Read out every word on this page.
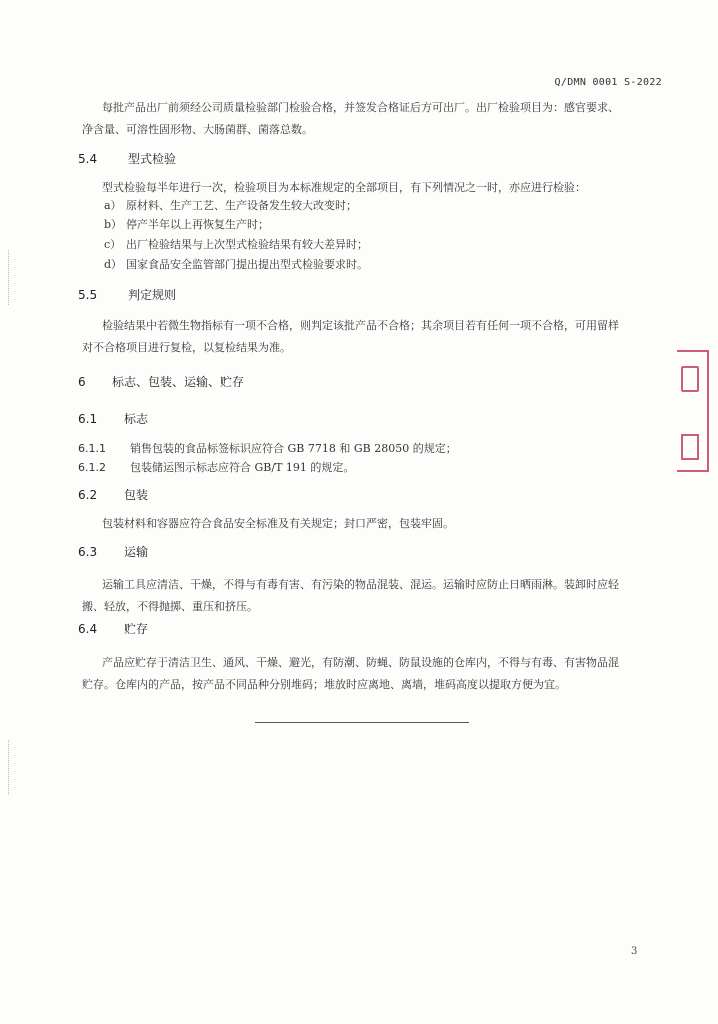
Q/DMN 0001 S-2022
每批产品出厂前须经公司质量检验部门检验合格，并签发合格证后方可出厂。出厂检验项目为：感官要求、
净含量、可溶性固形物、大肠菌群、菌落总数。
5.4	型式检验
型式检验每半年进行一次，检验项目为本标准规定的全部项目，有下列情况之一时，亦应进行检验：
a） 原材料、生产工艺、生产设备发生较大改变时；
b） 停产半年以上再恢复生产时；
c） 出厂检验结果与上次型式检验结果有较大差异时；
d） 国家食品安全监管部门提出提出型式检验要求时。
5.5	判定规则
检验结果中若微生物指标有一项不合格，则判定该批产品不合格；其余项目若有任何一项不合格，可用留样
对不合格项目进行复检，以复检结果为准。
6 标志、包装、运输、贮存
6.1 标志
6.1.1 销售包装的食品标签标识应符合 GB 7718 和 GB 28050 的规定；
6.1.2 包装储运图示标志应符合 GB/T 191 的规定。
6.2 包装
包装材料和容器应符合食品安全标准及有关规定；封口严密，包装牢固。
6.3 运输
运输工具应清洁、干燥，不得与有毒有害、有污染的物品混装、混运。运输时应防止日晒雨淋。装卸时应轻
搬、轻放，不得抛掷、重压和挤压。
6.4 贮存
产品应贮存于清洁卫生、通风、干燥、避光，有防潮、防蝇、防鼠设施的仓库内，不得与有毒、有害物品混
贮存。仓库内的产品，按产品不同品种分别堆码；堆放时应离地、离墙，堆码高度以提取方便为宜。
3
